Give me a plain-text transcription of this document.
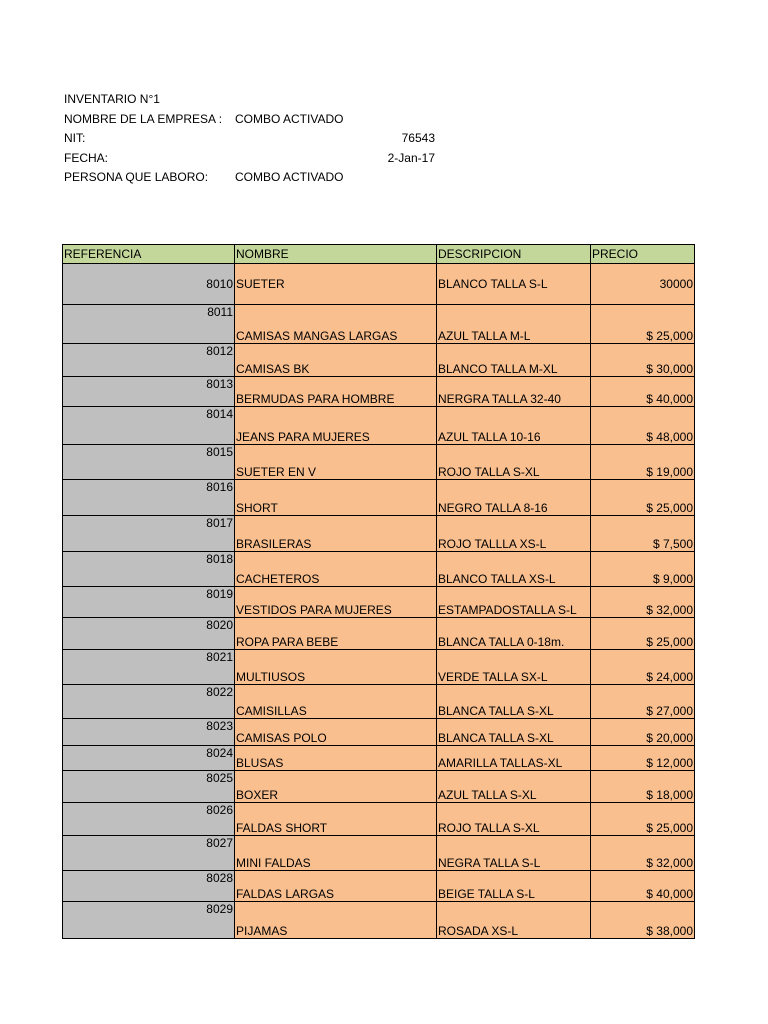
INVENTARIO N°1
NOMBRE DE LA EMPRESA : COMBO ACTIVADO
NIT:	76543
FECHA:	2-Jan-17
PERSONA QUE LABORO: COMBO ACTIVADO
REFERENCIA	NOMBRE	DESCRIPCION	PRECIO
8010	SUETER	BLANCO TALLA S-L	30000
8011	CAMISAS MANGAS LARGAS	AZUL TALLA M-L	$ 25,000
8012	CAMISAS BK	BLANCO TALLA M-XL	$ 30,000
8013	BERMUDAS PARA HOMBRE	NERGRA TALLA 32-40	$ 40,000
8014	JEANS PARA MUJERES	AZUL TALLA 10-16	$ 48,000
8015	SUETER EN V	ROJO TALLA S-XL	$ 19,000
8016	SHORT	NEGRO TALLA 8-16	$ 25,000
8017	BRASILERAS	ROJO TALLLA XS-L	$ 7,500
8018	CACHETEROS	BLANCO TALLA XS-L	$ 9,000
8019	VESTIDOS PARA MUJERES	ESTAMPADOSTALLA S-L	$ 32,000
8020	ROPA PARA BEBE	BLANCA TALLA 0-18m.	$ 25,000
8021	MULTIUSOS	VERDE TALLA SX-L	$ 24,000
8022	CAMISILLAS	BLANCA TALLA S-XL	$ 27,000
8023	CAMISAS POLO	BLANCA TALLA S-XL	$ 20,000
8024	BLUSAS	AMARILLA TALLAS-XL	$ 12,000
8025	BOXER	AZUL TALLA S-XL	$ 18,000
8026	FALDAS SHORT	ROJO TALLA S-XL	$ 25,000
8027	MINI FALDAS	NEGRA TALLA S-L	$ 32,000
8028	FALDAS LARGAS	BEIGE TALLA S-L	$ 40,000
8029	PIJAMAS	ROSADA XS-L	$ 38,000
